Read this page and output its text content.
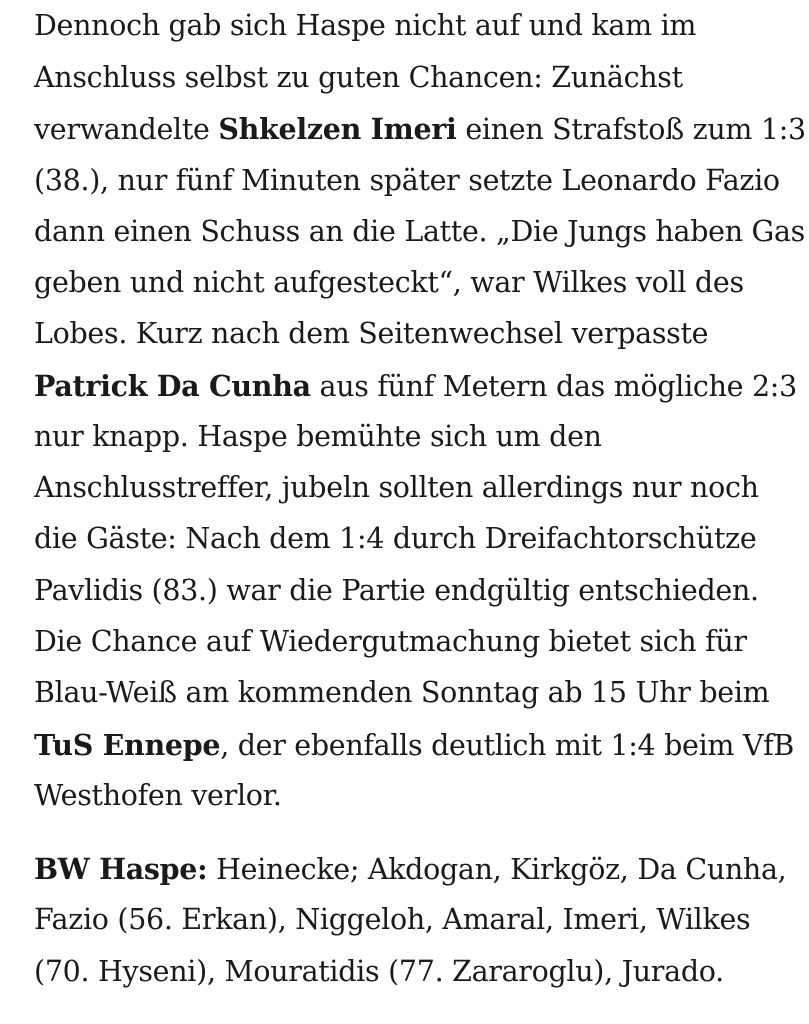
Dennoch gab sich Haspe nicht auf und kam im
Anschluss selbst zu guten Chancen: Zunächst
verwandelte Shkelzen Imeri einen Strafstoß zum 1:3
(38.), nur fünf Minuten später setzte Leonardo Fazio
dann einen Schuss an die Latte. „Die Jungs haben Gas
geben und nicht aufgesteckt“, war Wilkes voll des
Lobes. Kurz nach dem Seitenwechsel verpasste
Patrick Da Cunha aus fünf Metern das mögliche 2:3
nur knapp. Haspe bemühte sich um den
Anschlusstreffer, jubeln sollten allerdings nur noch
die Gäste: Nach dem 1:4 durch Dreifachtorschütze
Pavlidis (83.) war die Partie endgültig entschieden.
Die Chance auf Wiedergutmachung bietet sich für
Blau-Weiß am kommenden Sonntag ab 15 Uhr beim
TuS Ennepe, der ebenfalls deutlich mit 1:4 beim VfB
Westhofen verlor.
BW Haspe: Heinecke; Akdogan, Kirkgöz, Da Cunha,
Fazio (56. Erkan), Niggeloh, Amaral, Imeri, Wilkes
(70. Hyseni), Mouratidis (77. Zararoglu), Jurado.
